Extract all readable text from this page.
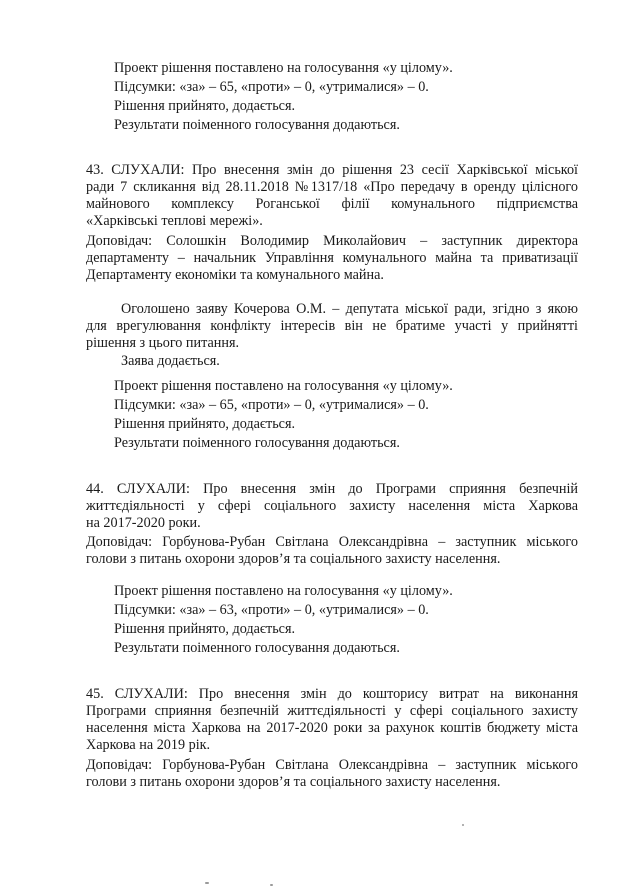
Проект рішення поставлено на голосування «у цілому».
Підсумки: «за» – 65, «проти» – 0, «утрималися» – 0.
Рішення прийнято, додається.
Результати поіменного голосування додаються.
43. СЛУХАЛИ: Про внесення змін до рішення 23 сесії Харківської міської
ради 7 скликання від 28.11.2018 №1317/18 «Про передачу в оренду цілісного
майнового комплексу Роганської філії комунального підприємства
«Харківські теплові мережі».
Доповідач: Солошкін Володимир Миколайович – заступник директора
департаменту – начальник Управління комунального майна та приватизації
Департаменту економіки та комунального майна.
Оголошено заяву Кочерова О.М. – депутата міської ради, згідно з якою
для врегулювання конфлікту інтересів він не братиме участі у прийнятті
рішення з цього питання.
Заява додається.
Проект рішення поставлено на голосування «у цілому».
Підсумки: «за» – 65, «проти» – 0, «утрималися» – 0.
Рішення прийнято, додається.
Результати поіменного голосування додаються.
44. СЛУХАЛИ: Про внесення змін до Програми сприяння безпечній
життєдіяльності у сфері соціального захисту населення міста Харкова
на 2017-2020 роки.
Доповідач: Горбунова-Рубан Світлана Олександрівна – заступник міського
голови з питань охорони здоров’я та соціального захисту населення.
Проект рішення поставлено на голосування «у цілому».
Підсумки: «за» – 63, «проти» – 0, «утрималися» – 0.
Рішення прийнято, додається.
Результати поіменного голосування додаються.
45. СЛУХАЛИ: Про внесення змін до кошторису витрат на виконання
Програми сприяння безпечній життєдіяльності у сфері соціального захисту
населення міста Харкова на 2017-2020 роки за рахунок коштів бюджету міста
Харкова на 2019 рік.
Доповідач: Горбунова-Рубан Світлана Олександрівна – заступник міського
голови з питань охорони здоров’я та соціального захисту населення.
